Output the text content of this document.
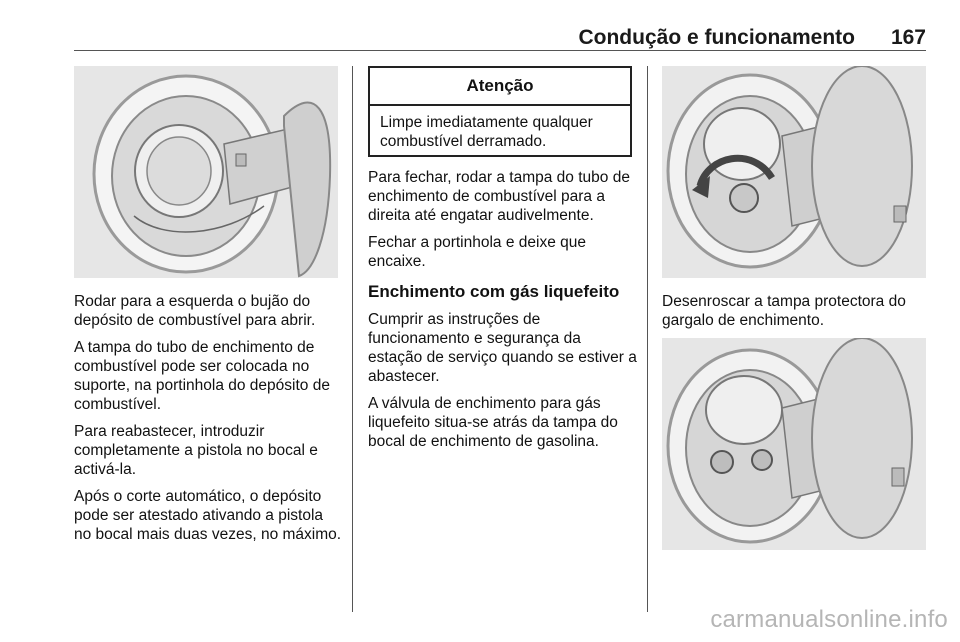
Condução e funcionamento	167

Rodar para a esquerda o bujão do depósito de combustível para abrir.

A tampa do tubo de enchimento de combustível pode ser colocada no suporte, na portinhola do depósito de combustível.

Para reabastecer, introduzir completamente a pistola no bocal e activá-la.

Após o corte automático, o depósito pode ser atestado ativando a pistola no bocal mais duas vezes, no máximo.

Atenção
Limpe imediatamente qualquer combustível derramado.

Para fechar, rodar a tampa do tubo de enchimento de combustível para a direita até engatar audivelmente.

Fechar a portinhola e deixe que encaixe.

Enchimento com gás liquefeito

Cumprir as instruções de funcionamento e segurança da estação de serviço quando se estiver a abastecer.

A válvula de enchimento para gás liquefeito situa-se atrás da tampa do bocal de enchimento de gasolina.

Desenroscar a tampa protectora do gargalo de enchimento.
carmanualsonline.info
